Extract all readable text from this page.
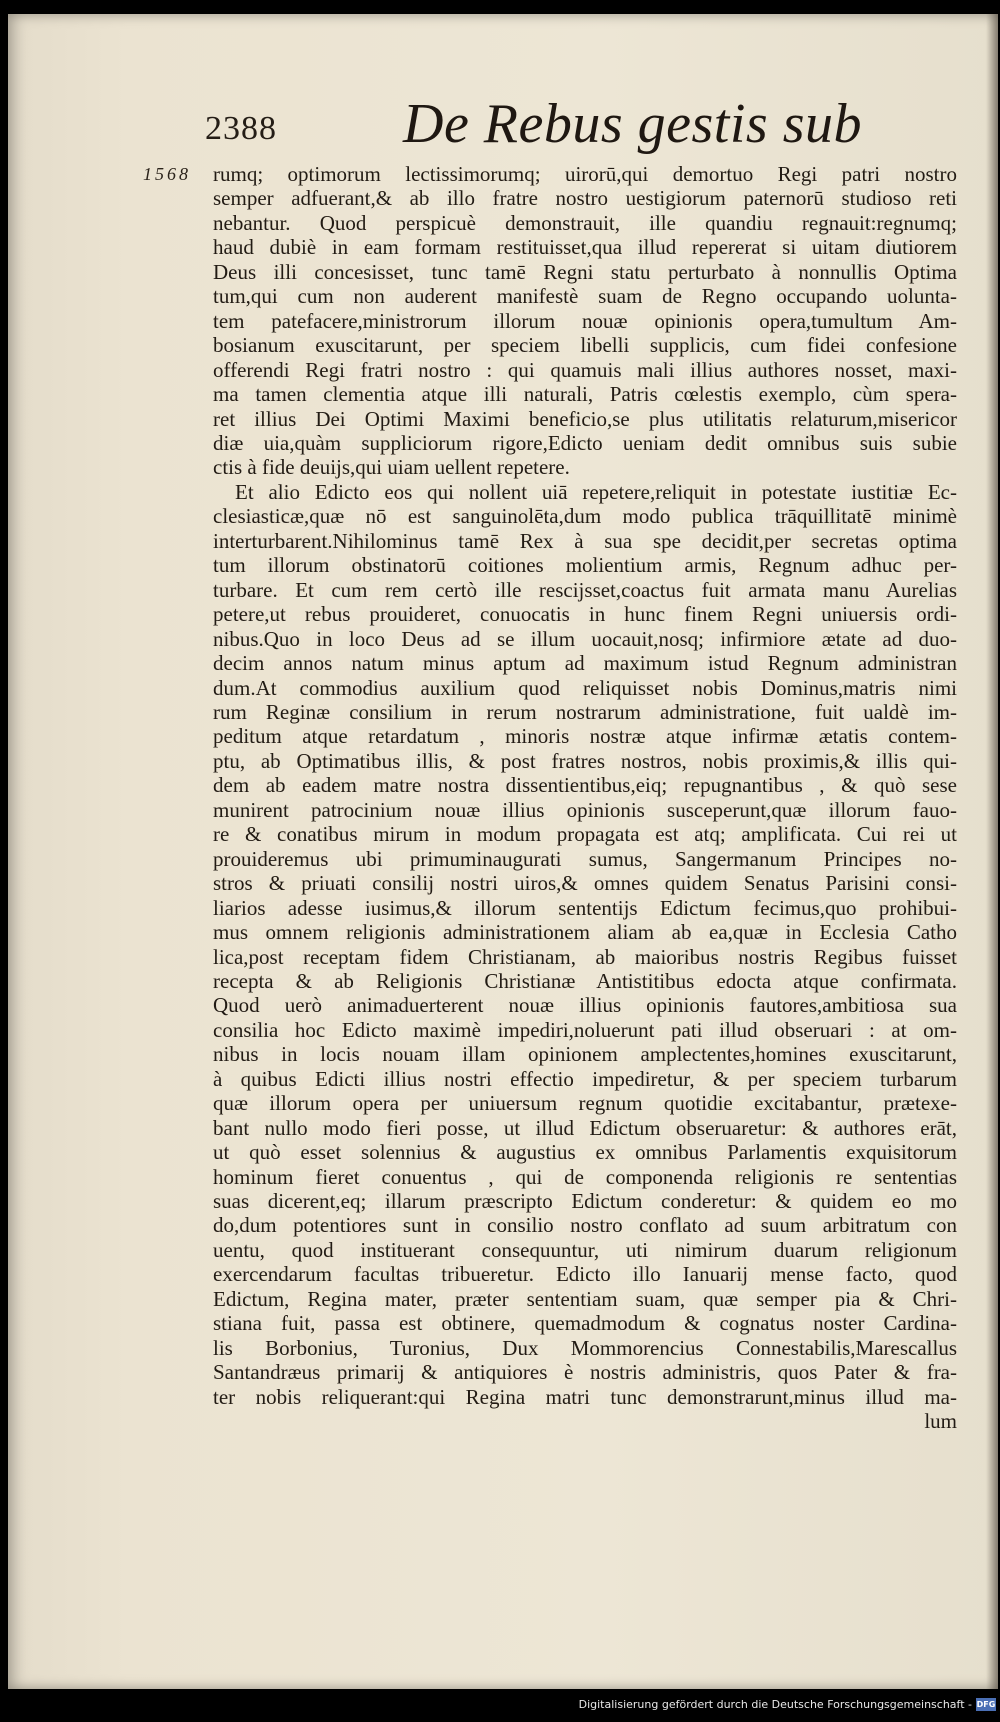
2388 De Rebus gestis sub
1568 rumq; optimorum lectissimorumq; uirorū,qui demortuo Regi patri nostro
semper adfuerant,& ab illo fratre nostro uestigiorum paternorū studioso reti
nebantur. Quod perspicuè demonstrauit, ille quandiu regnauit:regnumq;
haud dubiè in eam formam restituisset,qua illud repererat si uitam diutiorem
Deus illi concesisset, tunc tamē Regni statu perturbato à nonnullis Optima
tum,qui cum non auderent manifestè suam de Regno occupando uolunta-
tem patefacere,ministrorum illorum nouæ opinionis opera,tumultum Am-
bosianum exuscitarunt, per speciem libelli supplicis, cum fidei confesione
offerendi Regi fratri nostro : qui quamuis mali illius authores nosset, maxi-
ma tamen clementia atque illi naturali, Patris cœlestis exemplo, cùm spera-
ret illius Dei Optimi Maximi beneficio,se plus utilitatis relaturum,misericor
diæ uia,quàm suppliciorum rigore,Edicto ueniam dedit omnibus suis subie
ctis à fide deuijs,qui uiam uellent repetere.
Et alio Edicto eos qui nollent uiā repetere,reliquit in potestate iustitiæ Ec-
clesiasticæ,quæ nō est sanguinolēta,dum modo publica trāquillitatē minimè
interturbarent.Nihilominus tamē Rex à sua spe decidit,per secretas optima
tum illorum obstinatorū coitiones molientium armis, Regnum adhuc per-
turbare. Et cum rem certò ille rescijsset,coactus fuit armata manu Aurelias
petere,ut rebus prouideret, conuocatis in hunc finem Regni uniuersis ordi-
nibus.Quo in loco Deus ad se illum uocauit,nosq; infirmiore ætate ad duo-
decim annos natum minus aptum ad maximum istud Regnum administran
dum.At commodius auxilium quod reliquisset nobis Dominus,matris nimi
rum Reginæ consilium in rerum nostrarum administratione, fuit ualdè im-
peditum atque retardatum , minoris nostræ atque infirmæ ætatis contem-
ptu, ab Optimatibus illis, & post fratres nostros, nobis proximis,& illis qui-
dem ab eadem matre nostra dissentientibus,eiq; repugnantibus , & quò sese
munirent patrocinium nouæ illius opinionis susceperunt,quæ illorum fauo-
re & conatibus mirum in modum propagata est atq; amplificata. Cui rei ut
prouideremus ubi primuminaugurati sumus, Sangermanum Principes no-
stros & priuati consilij nostri uiros,& omnes quidem Senatus Parisini consi-
liarios adesse iusimus,& illorum sententijs Edictum fecimus,quo prohibui-
mus omnem religionis administrationem aliam ab ea,quæ in Ecclesia Catho
lica,post receptam fidem Christianam, ab maioribus nostris Regibus fuisset
recepta & ab Religionis Christianæ Antistitibus edocta atque confirmata.
Quod uerò animaduerterent nouæ illius opinionis fautores,ambitiosa sua
consilia hoc Edicto maximè impediri,noluerunt pati illud obseruari : at om-
nibus in locis nouam illam opinionem amplectentes,homines exuscitarunt,
à quibus Edicti illius nostri effectio impediretur, & per speciem turbarum
quæ illorum opera per uniuersum regnum quotidie excitabantur, prætexe-
bant nullo modo fieri posse, ut illud Edictum obseruaretur: & authores erāt,
ut quò esset solennius & augustius ex omnibus Parlamentis exquisitorum
hominum fieret conuentus , qui de componenda religionis re sententias
suas dicerent,eq; illarum præscripto Edictum conderetur: & quidem eo mo
do,dum potentiores sunt in consilio nostro conflato ad suum arbitratum con
uentu, quod instituerant consequuntur, uti nimirum duarum religionum
exercendarum facultas tribueretur. Edicto illo Ianuarij mense facto, quod
Edictum, Regina mater, præter sententiam suam, quæ semper pia & Chri-
stiana fuit, passa est obtinere, quemadmodum & cognatus noster Cardina-
lis Borbonius, Turonius, Dux Mommorencius Connestabilis,Marescallus
Santandræus primarij & antiquiores è nostris administris, quos Pater & fra-
ter nobis reliquerant:qui Regina matri tunc demonstrarunt,minus illud ma-
lum
Digitalisierung gefördert durch die Deutsche Forschungsgemeinschaft - DFG
